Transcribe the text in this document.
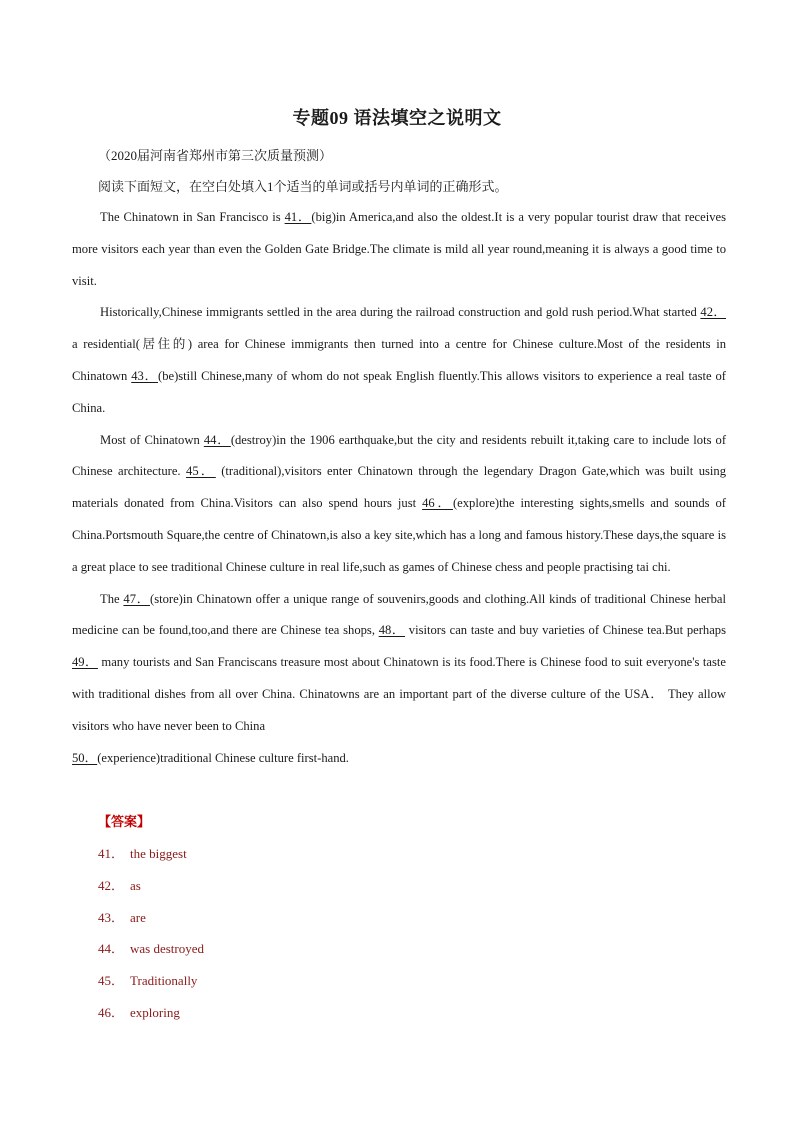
专题09 语法填空之说明文
（2020届河南省郑州市第三次质量预测）
阅读下面短文，在空白处填入1个适当的单词或括号内单词的正确形式。

The Chinatown in San Francisco is 41．(big)in America,and also the oldest.It is a very popular tourist draw that receives more visitors each year than even the Golden Gate Bridge.The climate is mild all year round,meaning it is always a good time to visit.

Historically,Chinese immigrants settled in the area during the railroad construction and gold rush period.What started 42． a residential(居住的) area for Chinese immigrants then turned into a centre for Chinese culture.Most of the residents in Chinatown 43．(be)still Chinese,many of whom do not speak English fluently.This allows visitors to experience a real taste of China.

Most of Chinatown 44．(destroy)in the 1906 earthquake,but the city and residents rebuilt it,taking care to include lots of Chinese architecture. 45． (traditional),visitors enter Chinatown through the legendary Dragon Gate,which was built using materials donated from China.Visitors can also spend hours just 46．(explore)the interesting sights,smells and sounds of China.Portsmouth Square,the centre of Chinatown,is also a key site,which has a long and famous history.These days,the square is a great place to see traditional Chinese culture in real life,such as games of Chinese chess and people practising tai chi.

The 47．(store)in Chinatown offer a unique range of souvenirs,goods and clothing.All kinds of traditional Chinese herbal medicine can be found,too,and there are Chinese tea shops, 48． visitors can taste and buy varieties of Chinese tea.But perhaps 49． many tourists and San Franciscans treasure most about Chinatown is its food.There is Chinese food to suit everyone's taste with traditional dishes from all over China. Chinatowns are an important part of the diverse culture of the USA． They allow visitors who have never been to China
50．(experience)traditional Chinese culture first-hand.

【答案】
41． the biggest
42． as
43． are
44． was destroyed
45． Traditionally
46． exploring
